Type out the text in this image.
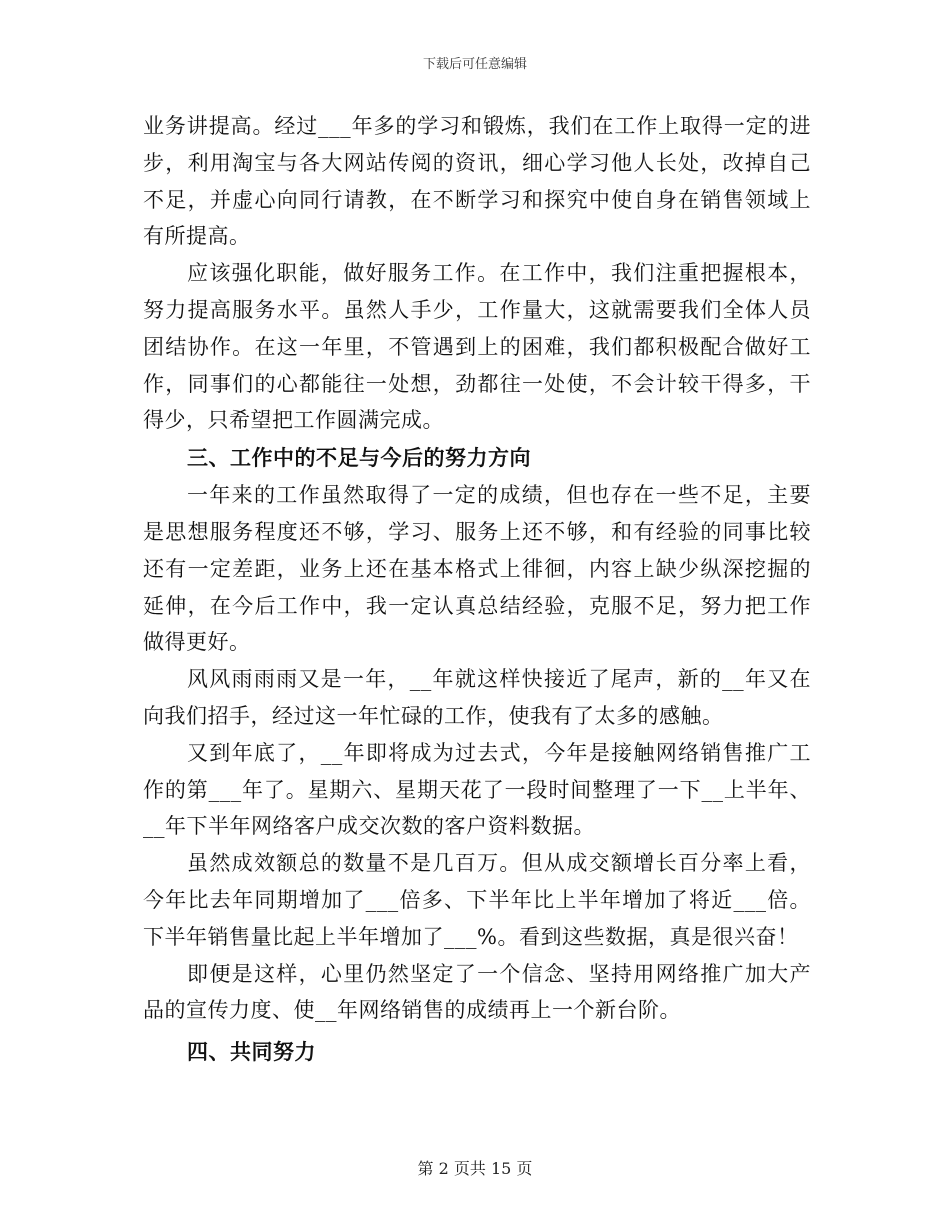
下载后可任意编辑
业务讲提高。经过___年多的学习和锻炼，我们在工作上取得一定的进
步，利用淘宝与各大网站传阅的资讯，细心学习他人长处，改掉自己
不足，并虚心向同行请教，在不断学习和探究中使自身在销售领域上
有所提高。
应该强化职能，做好服务工作。在工作中，我们注重把握根本，
努力提高服务水平。虽然人手少，工作量大，这就需要我们全体人员
团结协作。在这一年里，不管遇到上的困难，我们都积极配合做好工
作，同事们的心都能往一处想，劲都往一处使，不会计较干得多，干
得少，只希望把工作圆满完成。
三、工作中的不足与今后的努力方向
一年来的工作虽然取得了一定的成绩，但也存在一些不足，主要
是思想服务程度还不够，学习、服务上还不够，和有经验的同事比较
还有一定差距，业务上还在基本格式上徘徊，内容上缺少纵深挖掘的
延伸，在今后工作中，我一定认真总结经验，克服不足，努力把工作
做得更好。
风风雨雨雨又是一年，__年就这样快接近了尾声，新的__年又在
向我们招手，经过这一年忙碌的工作，使我有了太多的感触。
又到年底了，__年即将成为过去式，今年是接触网络销售推广工
作的第___年了。星期六、星期天花了一段时间整理了一下__上半年、
__年下半年网络客户成交次数的客户资料数据。
虽然成效额总的数量不是几百万。但从成交额增长百分率上看，
今年比去年同期增加了___倍多、下半年比上半年增加了将近___倍。
下半年销售量比起上半年增加了___%。看到这些数据，真是很兴奋！
即便是这样，心里仍然坚定了一个信念、坚持用网络推广加大产
品的宣传力度、使__年网络销售的成绩再上一个新台阶。
四、共同努力
第 2 页共 15 页
